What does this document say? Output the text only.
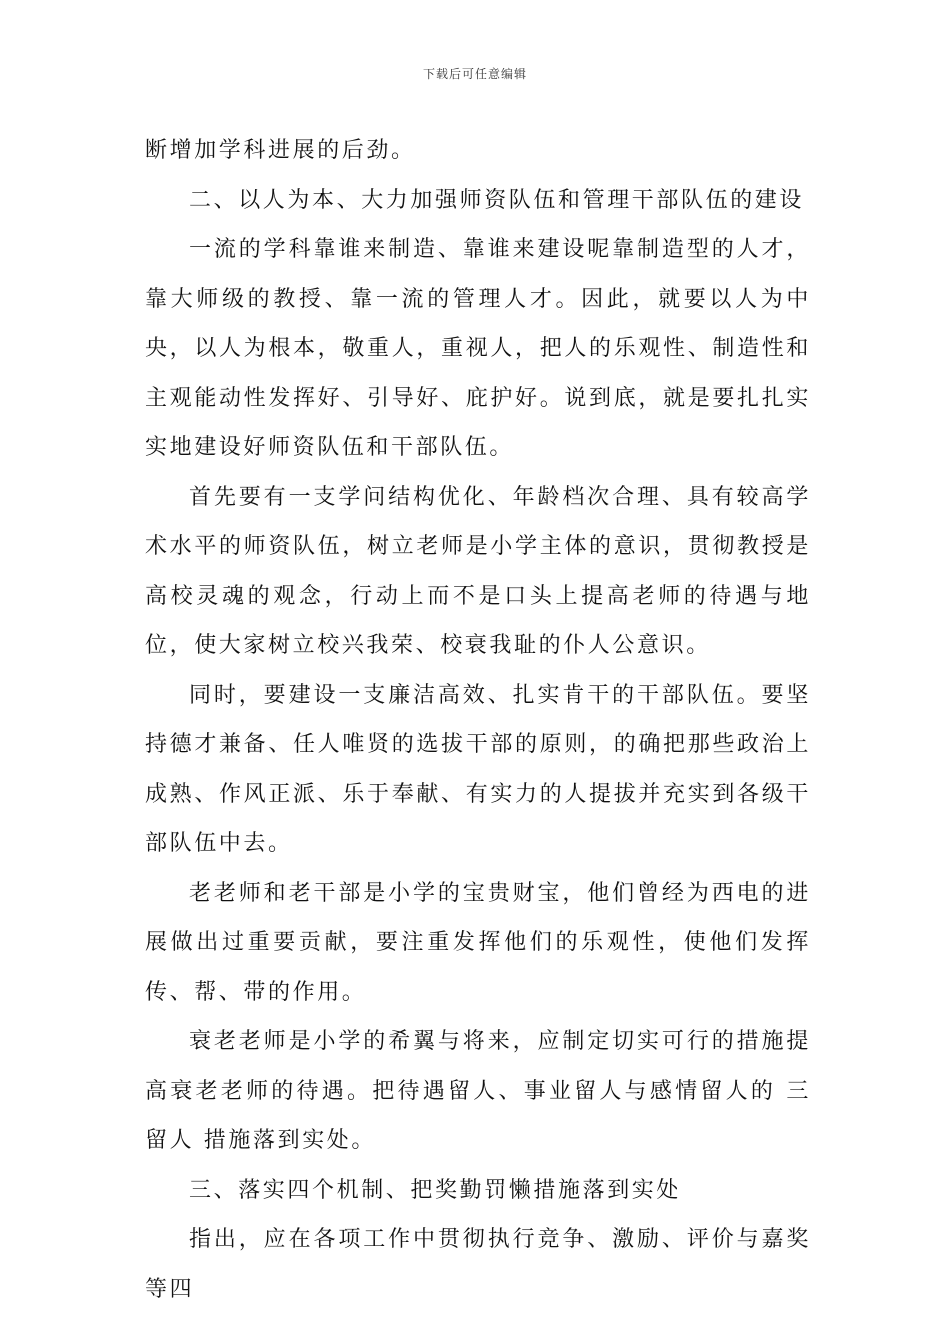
下载后可任意编辑

断增加学科进展的后劲。

二、以人为本、大力加强师资队伍和管理干部队伍的建设

一流的学科靠谁来制造、靠谁来建设呢靠制造型的人才，靠大师级的教授、靠一流的管理人才。因此，就要以人为中央，以人为根本，敬重人，重视人，把人的乐观性、制造性和主观能动性发挥好、引导好、庇护好。说到底，就是要扎扎实实地建设好师资队伍和干部队伍。

首先要有一支学问结构优化、年龄档次合理、具有较高学术水平的师资队伍，树立老师是小学主体的意识，贯彻教授是高校灵魂的观念，行动上而不是口头上提高老师的待遇与地位，使大家树立校兴我荣、校衰我耻的仆人公意识。

同时，要建设一支廉洁高效、扎实肯干的干部队伍。要坚持德才兼备、任人唯贤的选拔干部的原则，的确把那些政治上成熟、作风正派、乐于奉献、有实力的人提拔并充实到各级干部队伍中去。

老老师和老干部是小学的宝贵财宝，他们曾经为西电的进展做出过重要贡献，要注重发挥他们的乐观性，使他们发挥传、帮、带的作用。

衰老老师是小学的希翼与将来，应制定切实可行的措施提高衰老老师的待遇。把待遇留人、事业留人与感情留人的 三留人 措施落到实处。

三、落实四个机制、把奖勤罚懒措施落到实处

指出，应在各项工作中贯彻执行竞争、激励、评价与嘉奖等四
